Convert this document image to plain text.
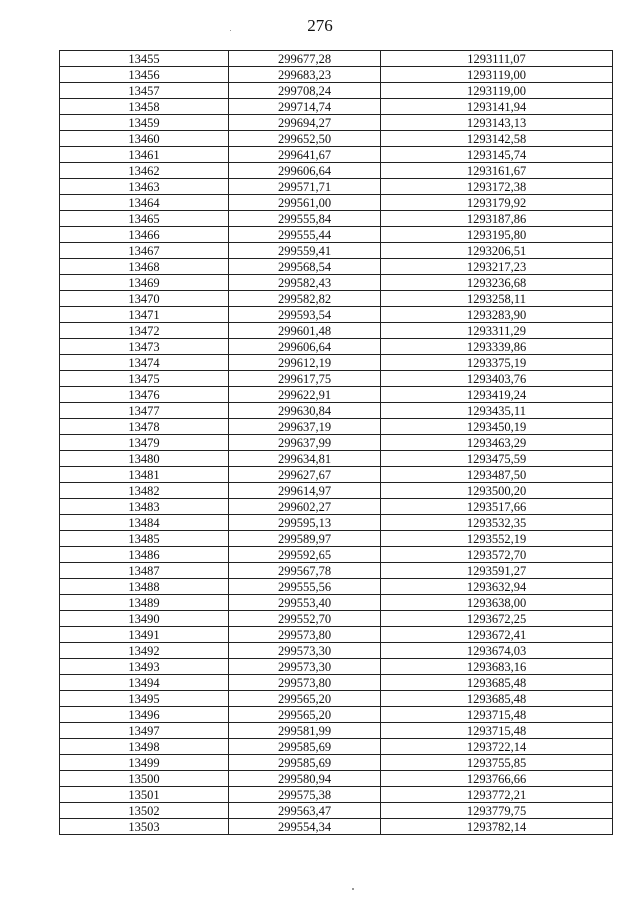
276
13455	299677,28	1293111,07
13456	299683,23	1293119,00
13457	299708,24	1293119,00
13458	299714,74	1293141,94
13459	299694,27	1293143,13
13460	299652,50	1293142,58
13461	299641,67	1293145,74
13462	299606,64	1293161,67
13463	299571,71	1293172,38
13464	299561,00	1293179,92
13465	299555,84	1293187,86
13466	299555,44	1293195,80
13467	299559,41	1293206,51
13468	299568,54	1293217,23
13469	299582,43	1293236,68
13470	299582,82	1293258,11
13471	299593,54	1293283,90
13472	299601,48	1293311,29
13473	299606,64	1293339,86
13474	299612,19	1293375,19
13475	299617,75	1293403,76
13476	299622,91	1293419,24
13477	299630,84	1293435,11
13478	299637,19	1293450,19
13479	299637,99	1293463,29
13480	299634,81	1293475,59
13481	299627,67	1293487,50
13482	299614,97	1293500,20
13483	299602,27	1293517,66
13484	299595,13	1293532,35
13485	299589,97	1293552,19
13486	299592,65	1293572,70
13487	299567,78	1293591,27
13488	299555,56	1293632,94
13489	299553,40	1293638,00
13490	299552,70	1293672,25
13491	299573,80	1293672,41
13492	299573,30	1293674,03
13493	299573,30	1293683,16
13494	299573,80	1293685,48
13495	299565,20	1293685,48
13496	299565,20	1293715,48
13497	299581,99	1293715,48
13498	299585,69	1293722,14
13499	299585,69	1293755,85
13500	299580,94	1293766,66
13501	299575,38	1293772,21
13502	299563,47	1293779,75
13503	299554,34	1293782,14
